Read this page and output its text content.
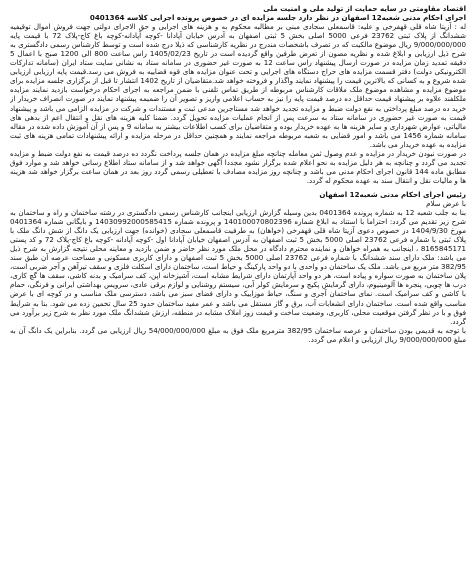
اقتصاد مقاومتی در سایه حمایت از تولید ملی و امنیت ملی
اجرای احکام مدنی شعبه12 اصفهان در نظر دارد جلسه مزایده ای در خصوص پرونده اجرایی کلاسه 0401364

له : آزیتا شاه قلی قهفرخی و علیه: قاسمعلی سجادی مبنی بر مطالبه محکوم به و هزینه های اجرایی و حق الاجرای دولتی جهت فروش اموال توقیفیه ششدانگ از پلاک ثبتی 23762 فرعی 5000 اصلی بخش 5 ثبتی اصفهان به آدرس خیابان آپادانا -کوچه آپادانه-کوچه باغ کاج-پلاک 72 با قیمت پایه 9/000/000/000 ریال موضوع مالکیت که در تصرف باشخصات مندرج در نظریه کارشناسی که ذیلا درج شده است و توسط کارشناس رسمی دادگستری به شرح ذیل ارزیابی و ابلاغ شده و نظریه مصون از تعرض طرفین واقع گردیده است در تاریخ 1405/02/23 راس ساعت 800 الی 1200 صبح با اعمال 5 دقیقه تمدید زمان مزایده در صورت ارسال پیشنهاد راس ساعت 12 به صورت غیر حضوری در سامانه ستاد به نشانی سایت ستاد ایران (سامانه تدارکات الکترونیکی دولت) دفتر قسمت مزایده های حراج دستگاه های اجرایی و تحت عنوان مزایده های قوه قضاییه به فروش می رسد.قیمت پایه ارزیابی ارزیابی شده شروع و به کسانی که بالاترین قیمت را پیشنهاد نمایند واگذار و فروخته خواهد شد.متقاضیان از تاریخ 1402 انتشار تا قبل از برگزاری جلسه مزایده برای موضوع مزایده و مشاهده موضوع ملک ملاقات کارشناس مربوطه از طریق تماس تلفنی با ضمن مراجعه به اجرای احکام درخواست بازدید نمایند مزایده ملکلفند علاوه بر پیشنهاد قیمت حداقل ده درصد قیمت پایه را نیز به حساب اعلامی واریز و تصویر آن را ضمیمه پیشنهاد نمایند در صورت انصراف خریدار از خرید ده درصد مبلغ پرداختی به نفع دولت ضبط و مزایده تجدید خواهد شد مستاجرین مدعی ثبت و مستندات و شرکت در مزایده الزامی می باشد و پیشنهاد قیمت به صورت غیر حضوری در سامانه ستاد به سرعت پس از انجام عملیات مزایده تحویل گردد. ضمنا کلیه هزینه های نقل و انتقال اعم از بدهی های مالیاتی، عوارض شهرداری و سایر هزینه ها به عهده خریدار بوده و متقاضیان برای کسب اطلاعات بیشتر به سامانه 9 و پس از آن آموزش داده شده در مقاله سامانه شماره 1456 می باشد و امور قضایی به شعبه مربوطه مراجعه نمایند و همچنین حداقل در مرحله مزایده و ارائه پیشنهادات تمامی هزینه های ثبت مزایده به عهده خریدار می باشد.

در صورت نبودن خریدار در مزایده و عدم وصول ثمن معامله چنانچه مبلغ مزایده در همان جلسه پرداخت نگردد ده درصد قیمت به نفع دولت ضبط و مزایده تجدید می گردد و چنانچه به هر دلیل مزایده به نحو اعلام شده برگزار نشود مجددا آگهی خواهد شد و از سامانه ستاد اطلاع رسانی خواهد شد و موارد فوق مطابق ماده 144 قانون اجرای احکام مدنی می باشد و چنانچه روز مزایده مصادف با تعطیلی رسمی گردد روز بعد در همان ساعت برگزار خواهد شد هزینه ها و مالیات نقل و انتقال سند به عهده محکوم له گردد.

رئیس اجرای احکام مدنی شعبه12 اصفهان
با عرض سلام

بنا به جلب شعبه 12 به شماره پرونده 0401364 بدین وسیله گزارش ارزیابی اینجانب کارشناس رسمی دادگستری در رشته ساختمان و راه و ساختمان به شرح زیر تقدیم می گردد: احتراما با استناد به ابلاغ شماره 140100070802396 و پرونده شماره 14030992000585415 و بایگانی شماره 0401364 مورخ 1404/9/30 در خصوص دعوی آزیتا شاه قلی قهفرخی (خواهان) به طرفیت قاسمعلی سجادی (خوانده) جهت ارزیابی یک دانگ از شش دانگ ملک با پلاک ثبتی با شماره فرعی 23762 اصلی 5000 بخش 5 ثبت اصفهان به آدرس اصفهان خیابان آپادانا اول -کوچه آپادانه -کوچه باغ کاج-پلاک 72 و کد پستی 8165845171 ، اینجانب به همراه خواهان و نماینده محترم دادگاه در محل ملک مورد نظر حاضر و ضمن بازدید و معاینه محلی نتیجه گزارش به شرح ذیل می باشد: ملک دارای سند ششدانگ با شماره فرعی 23762 اصلی 5000 بخش 5 ثبت اصفهان و دارای کاربری مسکونی و مساحت عرصه آن طبق سند 382/95 متر مربع می باشد. ملک یک ساختمان دو واحدی با دو واحد پارکینگ و حیاط است، ساختمان دارای اسکلت فلزی و سقف تیرآهن و آجر ضربی است، پلان ساختمان به صورت سواره و پیاده است، هر دو واحد آپارتمان دارای شرایط مشابه است، آشپزخانه اپن، کف سرامیک و بدنه کاشی، سقف ها گچ کاری، درب ها چوبی، پنجره ها آلومینیوم، دارای گرمایش پکیج و سرمایش کولر آبی، سیستم روشنایی و لوازم برقی عادی، سرویس بهداشتی ایرانی و فرنگی، حمام با کاشی و کف سرامیک است. نمای ساختمان آجری و سنگ، حیاط موزاییک و دارای فضای سبز می باشد، دسترسی ملک مناسب و در کوچه ای با عرض مناسب واقع شده است. ساختمان دارای انشعابات آب، برق و گاز مستقل می باشد و عمر مفید ساختمان حدود 25 سال تخمین زده می شود. بنا به شرایط فوق و با در نظر گرفتن موقعیت محلی، کاربری، وضعیت ساخت و قیمت روز املاک مشابه در منطقه، ارزش ششدانگ ملک مورد نظر به شرح زیر برآورد می گردد.

با توجه به قدیمی بودن ساختمان و عرصه ساختمان 382/95 مترمربع ملک فوق به مبلغ 54/000/000/000 ریال ارزیابی می گردد. بنابراین یک دانگ آن به مبلغ 9/000/000/000 ریال ارزیابی و اعلام می گردد.
